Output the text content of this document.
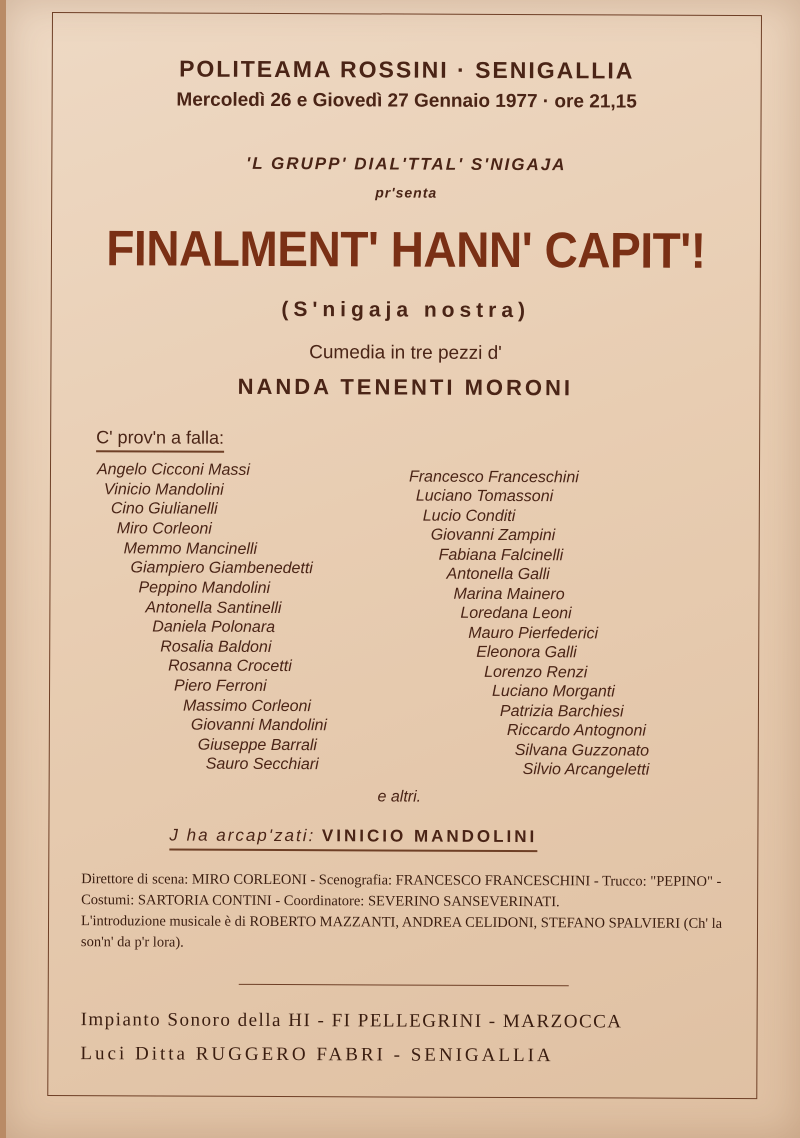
POLITEAMA ROSSINI · SENIGALLIA
Mercoledì 26 e Giovedì 27 Gennaio 1977 · ore 21,15
'L GRUPP' DIAL'TTAL' S'NIGAJA
pr'senta
FINALMENT' HANN' CAPIT'!
(S'nigaja nostra)
Cumedia in tre pezzi d'
NANDA TENENTI MORONI
C' prov'n a falla:
Angelo Cicconi Massi
Vinicio Mandolini
Cino Giulianelli
Miro Corleoni
Memmo Mancinelli
Giampiero Giambenedetti
Peppino Mandolini
Antonella Santinelli
Daniela Polonara
Rosalia Baldoni
Rosanna Crocetti
Piero Ferroni
Massimo Corleoni
Giovanni Mandolini
Giuseppe Barrali
Sauro Secchiari
Francesco Franceschini
Luciano Tomassoni
Lucio Conditi
Giovanni Zampini
Fabiana Falcinelli
Antonella Galli
Marina Mainero
Loredana Leoni
Mauro Pierfederici
Eleonora Galli
Lorenzo Renzi
Luciano Morganti
Patrizia Barchiesi
Riccardo Antognoni
Silvana Guzzonato
Silvio Arcangeletti
e altri.
J ha arcap'zati: VINICIO MANDOLINI

Direttore di scena: MIRO CORLEONI - Scenografia: FRANCESCO FRANCESCHINI - Trucco: "PEPINO" - Costumi: SARTORIA CONTINI - Coordinatore: SEVERINO SANSEVERINATI.

L'introduzione musicale è di ROBERTO MAZZANTI, ANDREA CELIDONI, STEFANO SPALVIERI (Ch' la son'n' da p'r lora).

Impianto Sonoro della HI - FI PELLEGRINI - MARZOCCA
Luci Ditta RUGGERO FABRI - SENIGALLIA
